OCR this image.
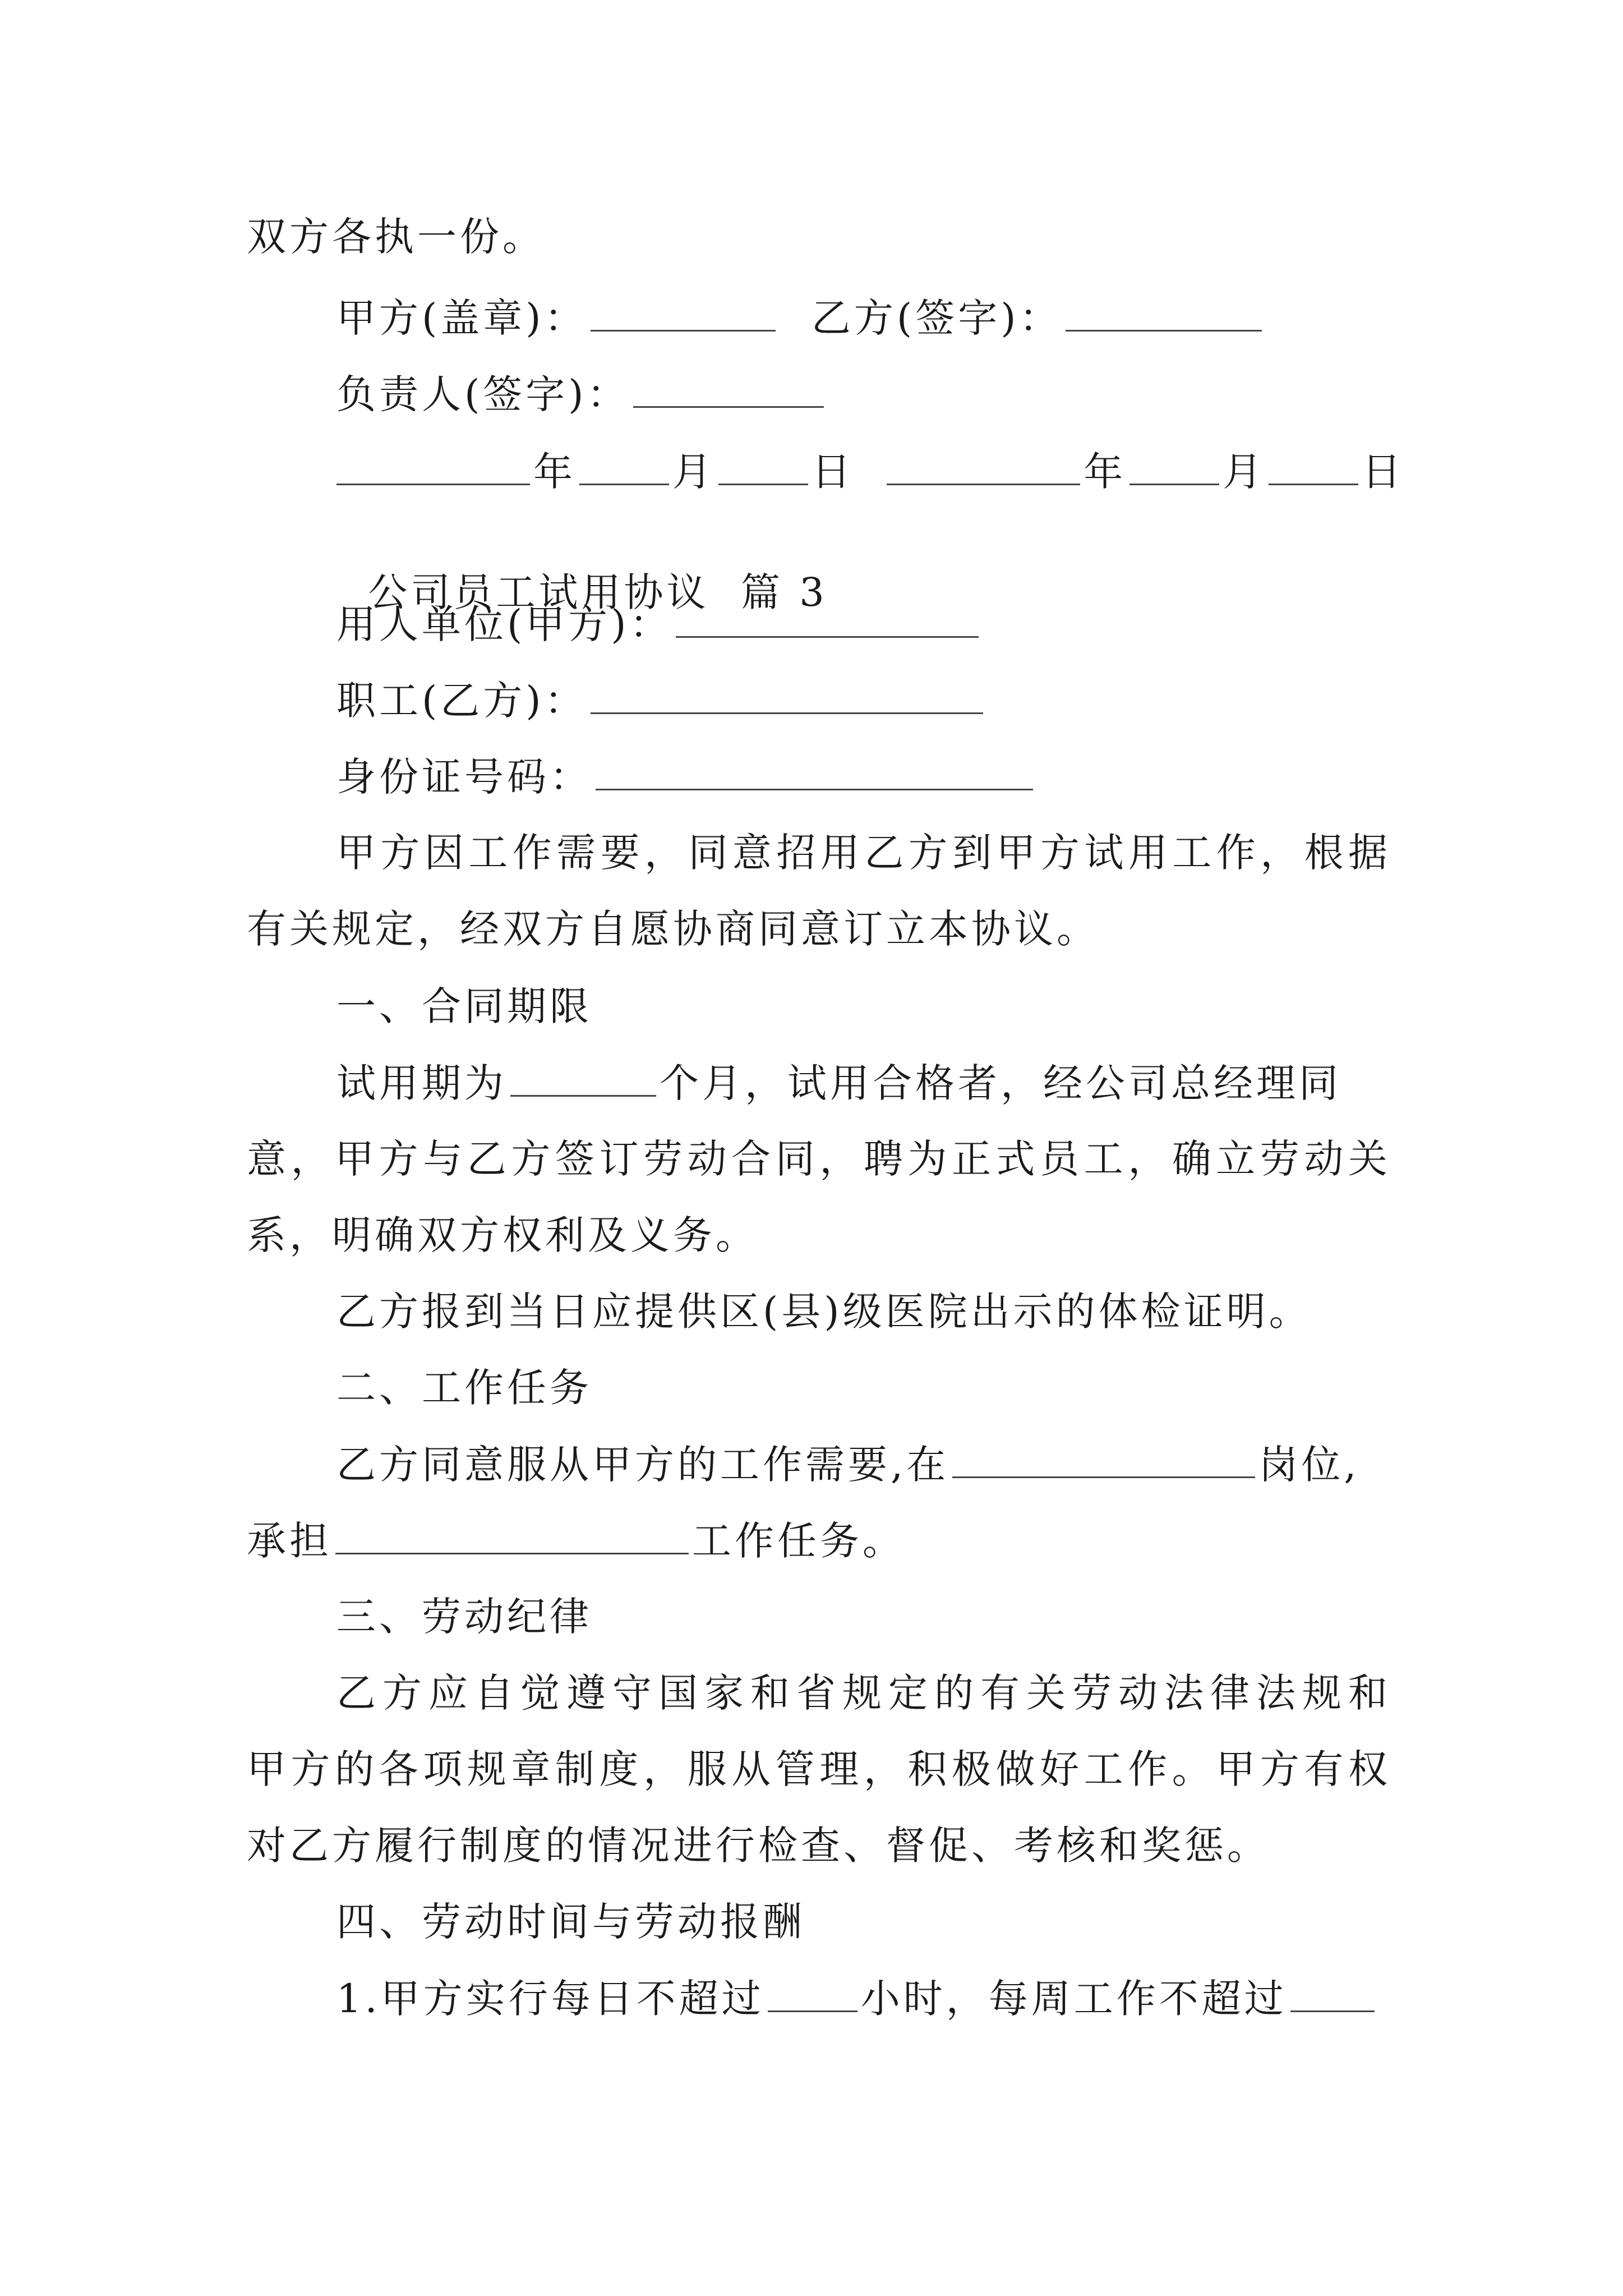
双方各执一份。
甲方(盖章)：	乙方(签字)：
负责人(签字)：
年 月 日	年 月 日

公司员工试用协议  篇 3

用人单位(甲方)：
职工(乙方)：
身份证号码：
甲方因工作需要，同意招用乙方到甲方试用工作，根据
有关规定，经双方自愿协商同意订立本协议。
一、合同期限
试用期为	个月，试用合格者，经公司总经理同
意，甲方与乙方签订劳动合同，聘为正式员工，确立劳动关
系，明确双方权利及义务。
乙方报到当日应提供区(县)级医院出示的体检证明。
二、工作任务
乙方同意服从甲方的工作需要,在	岗位,
承担	工作任务。
三、劳动纪律
乙方应自觉遵守国家和省规定的有关劳动法律法规和
甲方的各项规章制度，服从管理，积极做好工作。甲方有权
对乙方履行制度的情况进行检查、督促、考核和奖惩。
四、劳动时间与劳动报酬
1.甲方实行每日不超过 小时，每周工作不超过
